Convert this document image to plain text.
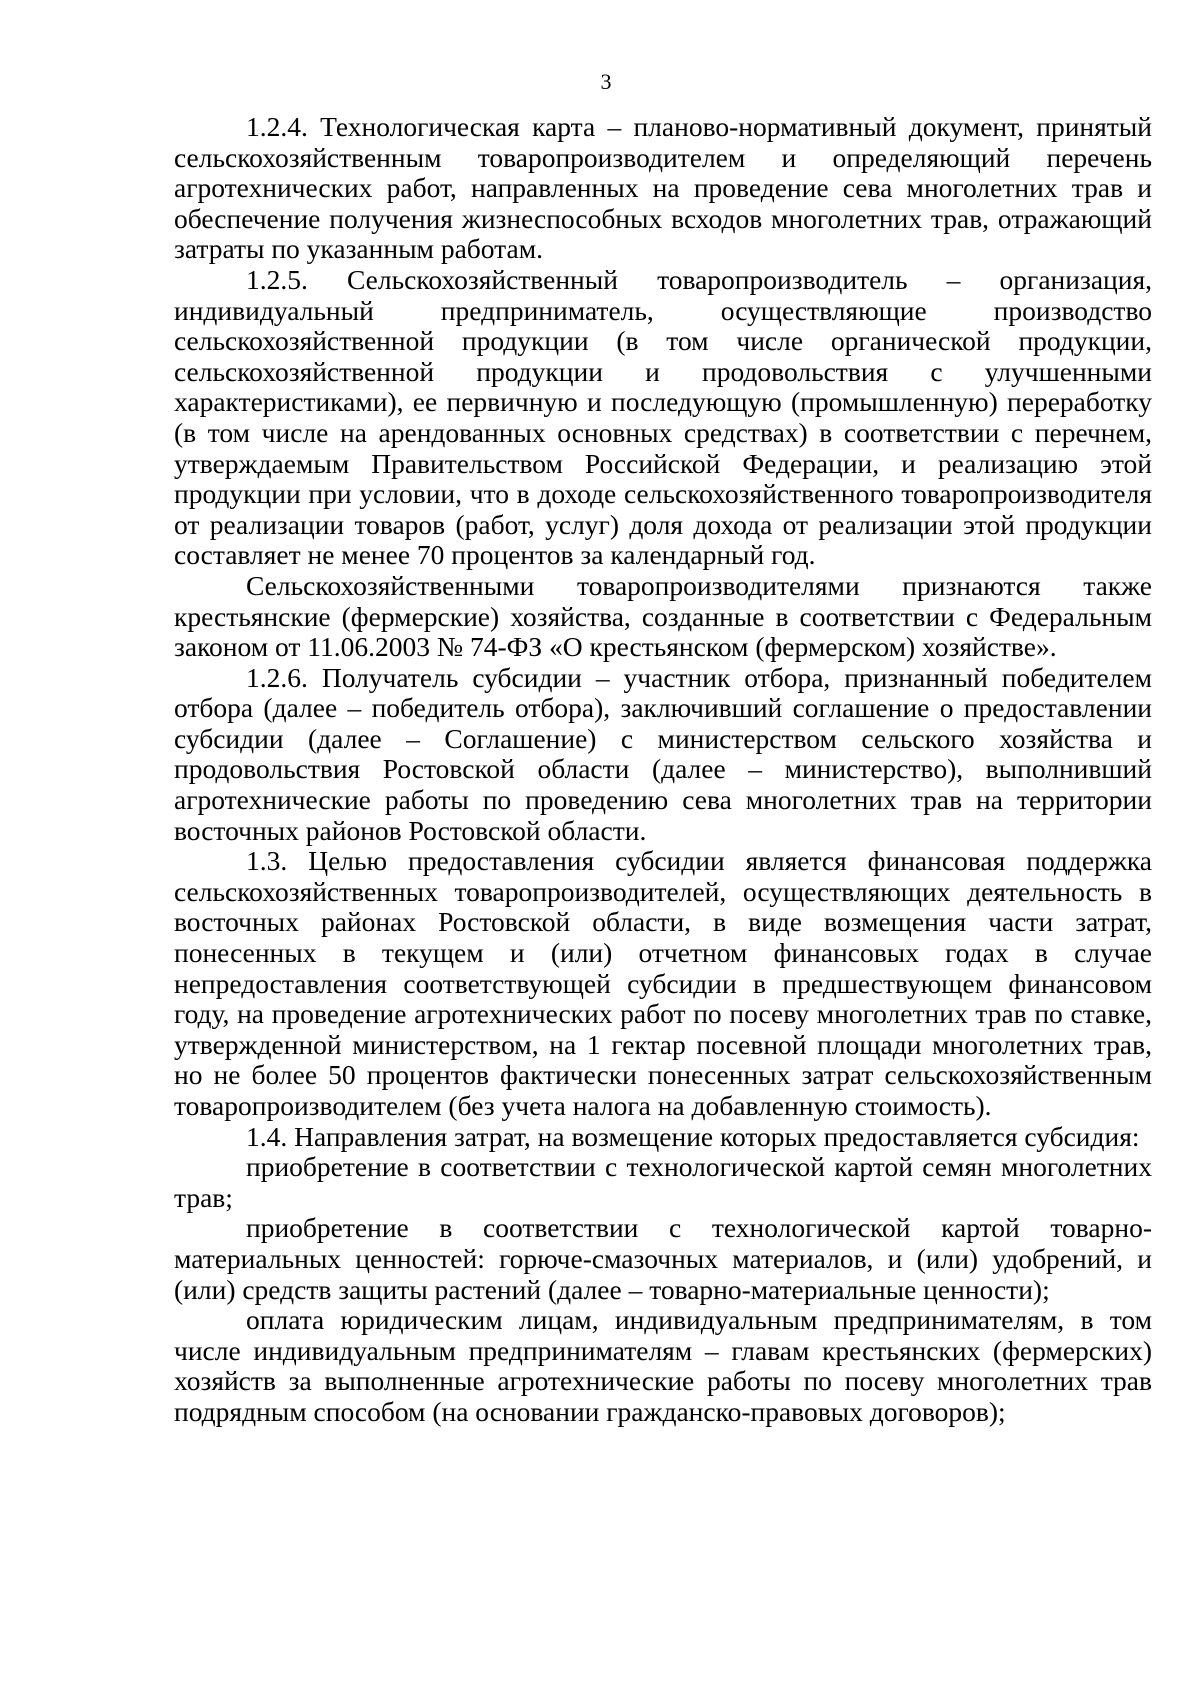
3

1.2.4. Технологическая карта – планово-нормативный документ, принятый сельскохозяйственным товаропроизводителем и определяющий перечень агротехнических работ, направленных на проведение сева многолетних трав и обеспечение получения жизнеспособных всходов многолетних трав, отражающий затраты по указанным работам.

1.2.5. Сельскохозяйственный товаропроизводитель – организация, индивидуальный предприниматель, осуществляющие производство сельскохозяйственной продукции (в том числе органической продукции, сельскохозяйственной продукции и продовольствия с улучшенными характеристиками), ее первичную и последующую (промышленную) переработку (в том числе на арендованных основных средствах) в соответствии с перечнем, утверждаемым Правительством Российской Федерации, и реализацию этой продукции при условии, что в доходе сельскохозяйственного товаропроизводителя от реализации товаров (работ, услуг) доля дохода от реализации этой продукции составляет не менее 70 процентов за календарный год.

Сельскохозяйственными товаропроизводителями признаются также крестьянские (фермерские) хозяйства, созданные в соответствии с Федеральным законом от 11.06.2003 № 74-ФЗ «О крестьянском (фермерском) хозяйстве».

1.2.6. Получатель субсидии – участник отбора, признанный победителем отбора (далее – победитель отбора), заключивший соглашение о предоставлении субсидии (далее – Соглашение) с министерством сельского хозяйства и продовольствия Ростовской области (далее – министерство), выполнивший агротехнические работы по проведению сева многолетних трав на территории восточных районов Ростовской области.

1.3. Целью предоставления субсидии является финансовая поддержка сельскохозяйственных товаропроизводителей, осуществляющих деятельность в восточных районах Ростовской области, в виде возмещения части затрат, понесенных в текущем и (или) отчетном финансовых годах в случае непредоставления соответствующей субсидии в предшествующем финансовом году, на проведение агротехнических работ по посеву многолетних трав по ставке, утвержденной министерством, на 1 гектар посевной площади многолетних трав, но не более 50 процентов фактически понесенных затрат сельскохозяйственным товаропроизводителем (без учета налога на добавленную стоимость).

1.4. Направления затрат, на возмещение которых предоставляется субсидия:

приобретение в соответствии с технологической картой семян многолетних трав;

приобретение в соответствии с технологической картой товарно-материальных ценностей: горюче-смазочных материалов, и (или) удобрений, и (или) средств защиты растений (далее – товарно-материальные ценности);

оплата юридическим лицам, индивидуальным предпринимателям, в том числе индивидуальным предпринимателям – главам крестьянских (фермерских) хозяйств за выполненные агротехнические работы по посеву многолетних трав подрядным способом (на основании гражданско-правовых договоров);
